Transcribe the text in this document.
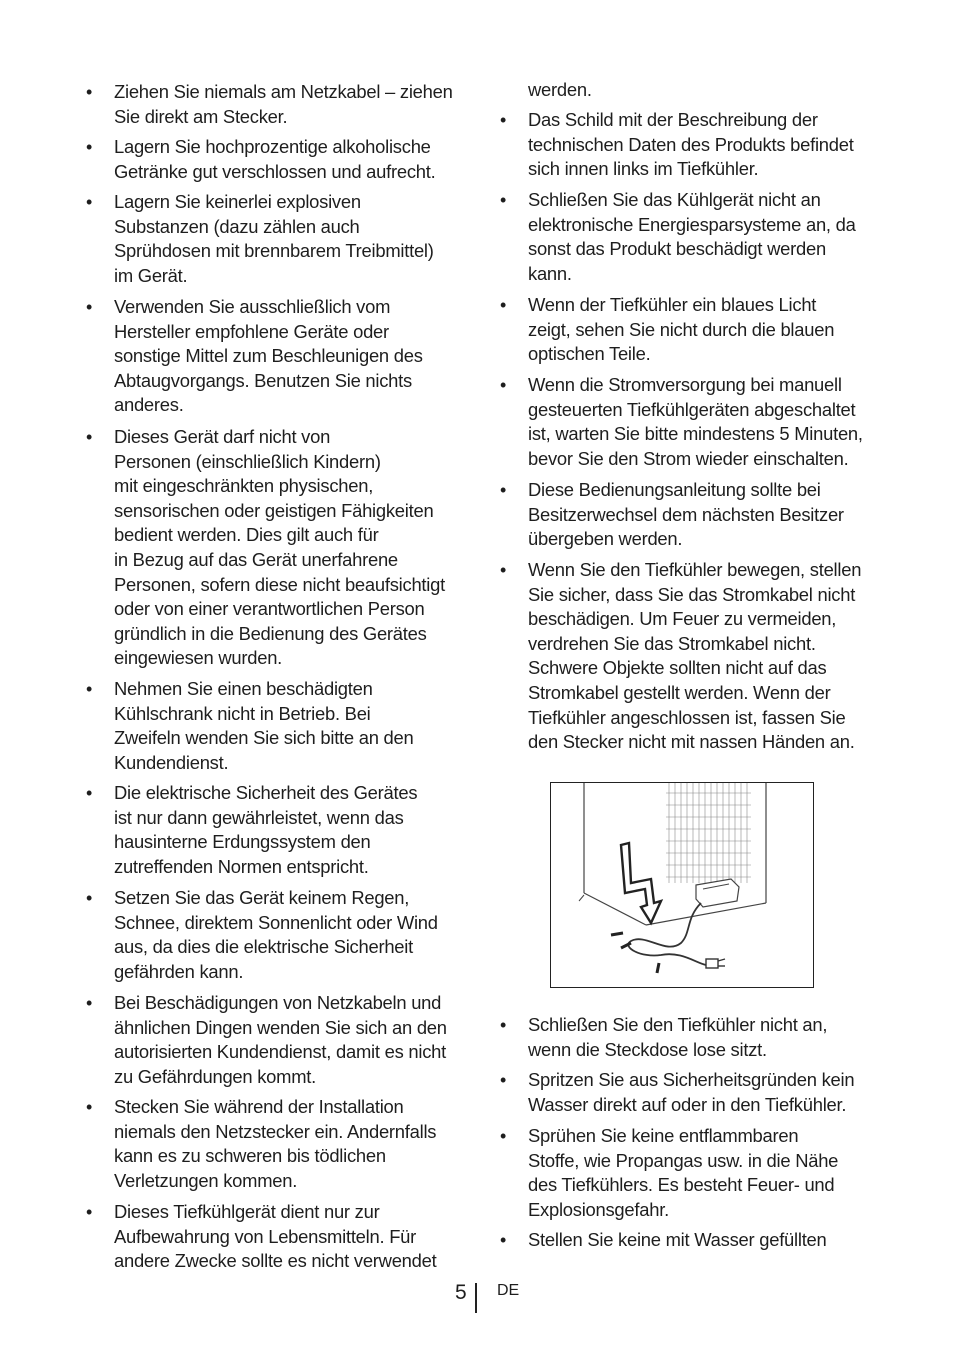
• Ziehen Sie niemals am Netzkabel – ziehen
Sie direkt am Stecker.
• Lagern Sie hochprozentige alkoholische
Getränke gut verschlossen und aufrecht.
• Lagern Sie keinerlei explosiven
Substanzen (dazu zählen auch
Sprühdosen mit brennbarem Treibmittel)
im Gerät.
• Verwenden Sie ausschließlich vom
Hersteller empfohlene Geräte oder
sonstige Mittel zum Beschleunigen des
Abtaugvorgangs. Benutzen Sie nichts
anderes.
• Dieses Gerät darf nicht von
Personen (einschließlich Kindern)
mit eingeschränkten physischen,
sensorischen oder geistigen Fähigkeiten
bedient werden. Dies gilt auch für
in Bezug auf das Gerät unerfahrene
Personen, sofern diese nicht beaufsichtigt
oder von einer verantwortlichen Person
gründlich in die Bedienung des Gerätes
eingewiesen wurden.
• Nehmen Sie einen beschädigten
Kühlschrank nicht in Betrieb. Bei
Zweifeln wenden Sie sich bitte an den
Kundendienst.
• Die elektrische Sicherheit des Gerätes
ist nur dann gewährleistet, wenn das
hausinterne Erdungssystem den
zutreffenden Normen entspricht.
• Setzen Sie das Gerät keinem Regen,
Schnee, direktem Sonnenlicht oder Wind
aus, da dies die elektrische Sicherheit
gefährden kann.
• Bei Beschädigungen von Netzkabeln und
ähnlichen Dingen wenden Sie sich an den
autorisierten Kundendienst, damit es nicht
zu Gefährdungen kommt.
• Stecken Sie während der Installation
niemals den Netzstecker ein. Andernfalls
kann es zu schweren bis tödlichen
Verletzungen kommen.
• Dieses Tiefkühlgerät dient nur zur
Aufbewahrung von Lebensmitteln. Für
andere Zwecke sollte es nicht verwendet
werden.
• Das Schild mit der Beschreibung der
technischen Daten des Produkts befindet
sich innen links im Tiefkühler.
• Schließen Sie das Kühlgerät nicht an
elektronische Energiesparsysteme an, da
sonst das Produkt beschädigt werden
kann.
• Wenn der Tiefkühler ein blaues Licht
zeigt, sehen Sie nicht durch die blauen
optischen Teile.
• Wenn die Stromversorgung bei manuell
gesteuerten Tiefkühlgeräten abgeschaltet
ist, warten Sie bitte mindestens 5 Minuten,
bevor Sie den Strom wieder einschalten.
• Diese Bedienungsanleitung sollte bei
Besitzerwechsel dem nächsten Besitzer
übergeben werden.
• Wenn Sie den Tiefkühler bewegen, stellen
Sie sicher, dass Sie das Stromkabel nicht
beschädigen. Um Feuer zu vermeiden,
verdrehen Sie das Stromkabel nicht.
Schwere Objekte sollten nicht auf das
Stromkabel gestellt werden. Wenn der
Tiefkühler angeschlossen ist, fassen Sie
den Stecker nicht mit nassen Händen an.
• Schließen Sie den Tiefkühler nicht an,
wenn die Steckdose lose sitzt.
• Spritzen Sie aus Sicherheitsgründen kein
Wasser direkt auf oder in den Tiefkühler.
• Sprühen Sie keine entflammbaren
Stoffe, wie Propangas usw. in die Nähe
des Tiefkühlers. Es besteht Feuer- und
Explosionsgefahr.
• Stellen Sie keine mit Wasser gefüllten
5 DE
